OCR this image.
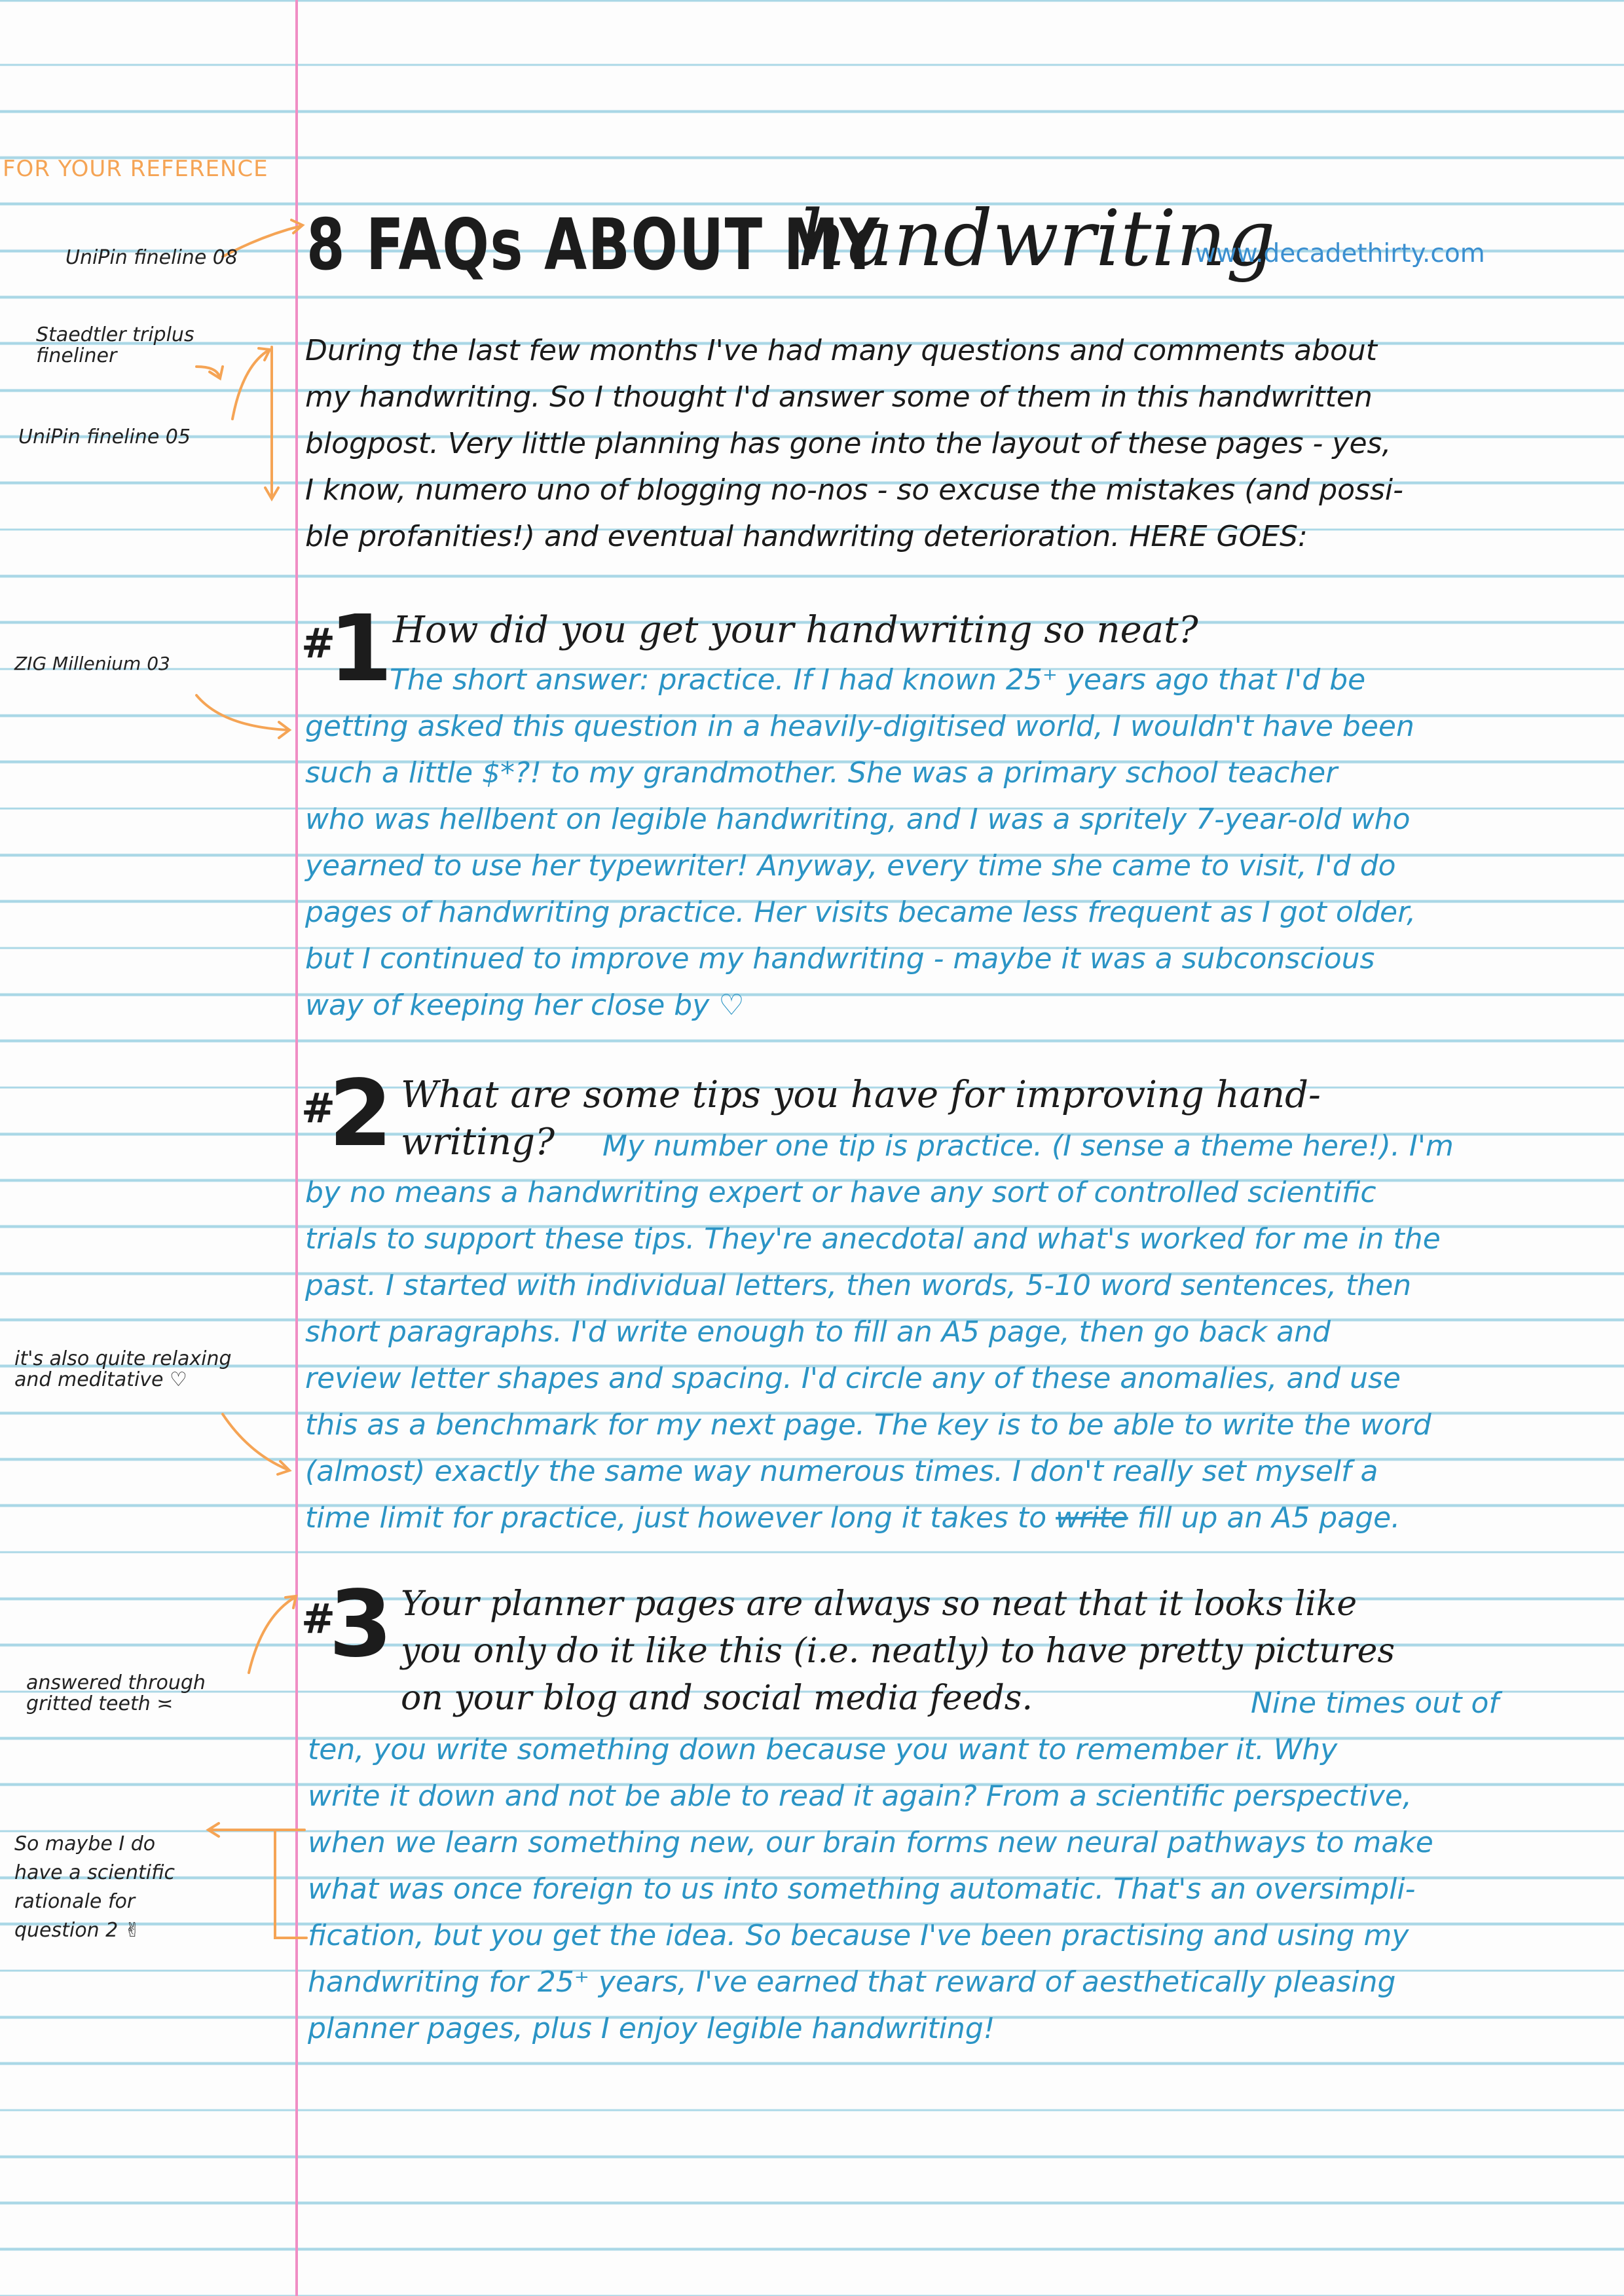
FOR YOUR REFERENCE
UniPin fineline 08
Staedtler triplus
fineliner
UniPin fineline 05
ZIG Millenium 03
it's also quite relaxing
and meditative ♡
answered through
gritted teeth ≍
So maybe I do
have a scientific
rationale for
question 2 ✌
8 FAQs ABOUT MY
handwriting
www.decadethirty.com
During the last few months I've had many questions and comments about
my handwriting. So I thought I'd answer some of them in this handwritten
blogpost. Very little planning has gone into the layout of these pages - yes,
I know, numero uno of blogging no-nos - so excuse the mistakes (and possi-
ble profanities!) and eventual handwriting deterioration. HERE GOES:
#
1 How did you get your handwriting so neat?
The short answer: practice. If I had known 25⁺ years ago that I'd be
getting asked this question in a heavily-digitised world, I wouldn't have been
such a little $*?! to my grandmother. She was a primary school teacher
who was hellbent on legible handwriting, and I was a spritely 7-year-old who
yearned to use her typewriter! Anyway, every time she came to visit, I'd do
pages of handwriting practice. Her visits became less frequent as I got older,
but I continued to improve my handwriting - maybe it was a subconscious
way of keeping her close by ♡
#
2 What are some tips you have for improving hand-
writing? My number one tip is practice. (I sense a theme here!). I'm
by no means a handwriting expert or have any sort of controlled scientific
trials to support these tips. They're anecdotal and what's worked for me in the
past. I started with individual letters, then words, 5-10 word sentences, then
short paragraphs. I'd write enough to fill an A5 page, then go back and
review letter shapes and spacing. I'd circle any of these anomalies, and use
this as a benchmark for my next page. The key is to be able to write the word
(almost) exactly the same way numerous times. I don't really set myself a
time limit for practice, just however long it takes to write fill up an A5 page.
#
3 Your planner pages are always so neat that it looks like
you only do it like this (i.e. neatly) to have pretty pictures
on your blog and social media feeds.	Nine times out of
ten, you write something down because you want to remember it. Why
write it down and not be able to read it again? From a scientific perspective,
when we learn something new, our brain forms new neural pathways to make
what was once foreign to us into something automatic. That's an oversimpli-
fication, but you get the idea. So because I've been practising and using my
handwriting for 25⁺ years, I've earned that reward of aesthetically pleasing
planner pages, plus I enjoy legible handwriting!
